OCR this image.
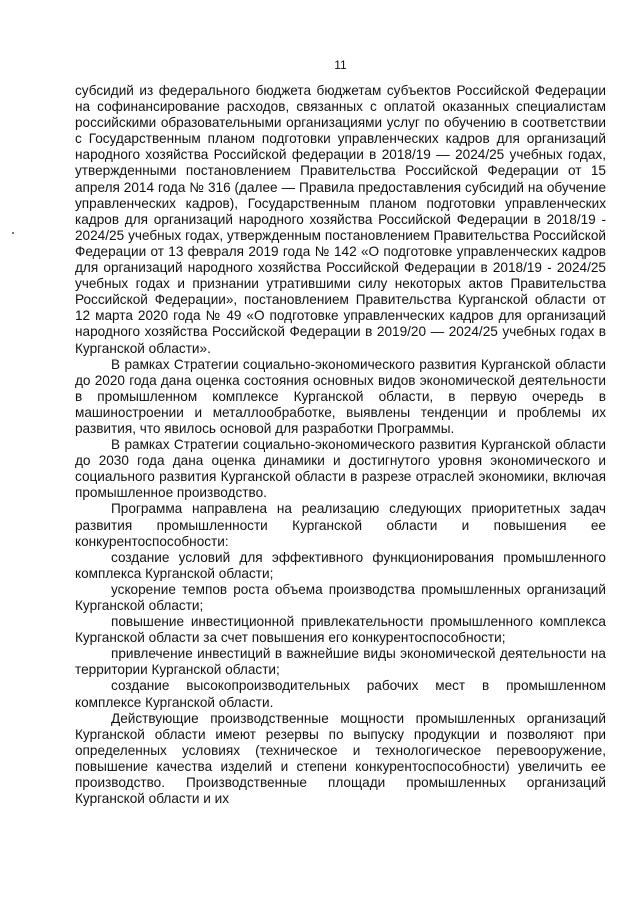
11

субсидий из федерального бюджета бюджетам субъектов Российской Федерации на софинансирование расходов, связанных с оплатой оказанных специалистам российскими образовательными организациями услуг по обучению в соответствии с Государственным планом подготовки управленческих кадров для организаций народного хозяйства Российской федерации в 2018/19 — 2024/25 учебных годах, утвержденными постановлением Правительства Российской Федерации от 15 апреля 2014 года № 316 (далее — Правила предоставления субсидий на обучение управленческих кадров), Государственным планом подготовки управленческих кадров для организаций народного хозяйства Российской Федерации в 2018/19 - 2024/25 учебных годах, утвержденным постановлением Правительства Российской Федерации от 13 февраля 2019 года № 142 «О подготовке управленческих кадров для организаций народного хозяйства Российской Федерации в 2018/19 - 2024/25 учебных годах и признании утратившими силу некоторых актов Правительства Российской Федерации», постановлением Правительства Курганской области от 12 марта 2020 года № 49 «О подготовке управленческих кадров для организаций народного хозяйства Российской Федерации в 2019/20 — 2024/25 учебных годах в Курганской области».

В рамках Стратегии социально-экономического развития Курганской области до 2020 года дана оценка состояния основных видов экономической деятельности в промышленном комплексе Курганской области, в первую очередь в машиностроении и металлообработке, выявлены тенденции и проблемы их развития, что явилось основой для разработки Программы.

В рамках Стратегии социально-экономического развития Курганской области до 2030 года дана оценка динамики и достигнутого уровня экономического и социального развития Курганской области в разрезе отраслей экономики, включая промышленное производство.

Программа направлена на реализацию следующих приоритетных задач развития промышленности Курганской области и повышения ее конкурентоспособности:

создание условий для эффективного функционирования промышленного комплекса Курганской области;

ускорение темпов роста объема производства промышленных организаций Курганской области;

повышение инвестиционной привлекательности промышленного комплекса Курганской области за счет повышения его конкурентоспособности;

привлечение инвестиций в важнейшие виды экономической деятельности на территории Курганской области;

создание высокопроизводительных рабочих мест в промышленном комплексе Курганской области.

Действующие производственные мощности промышленных организаций Курганской области имеют резервы по выпуску продукции и позволяют при определенных условиях (техническое и технологическое перевооружение, повышение качества изделий и степени конкурентоспособности) увеличить ее производство. Производственные площади промышленных организаций Курганской области и их
